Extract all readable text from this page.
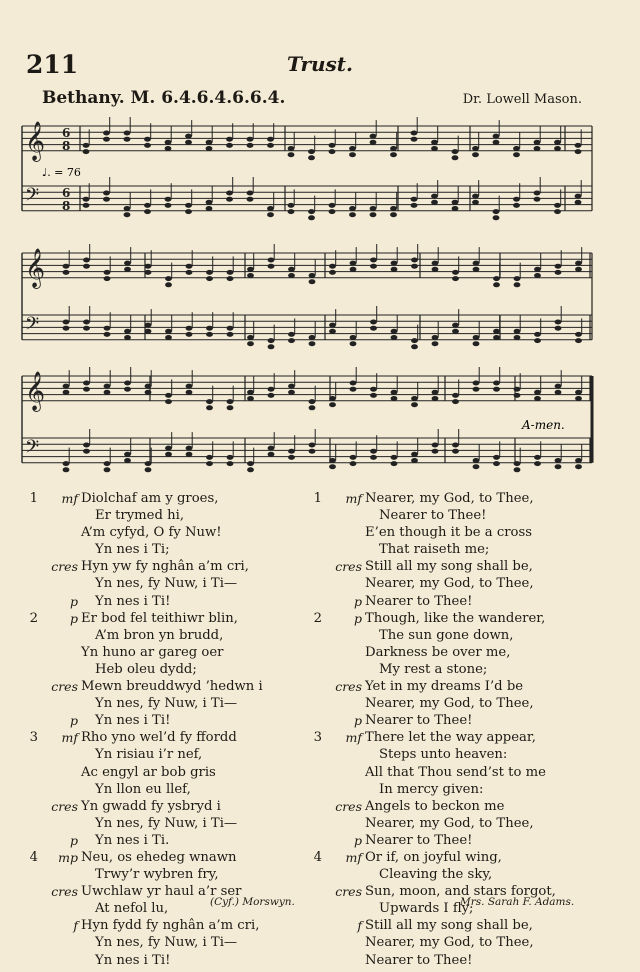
211	Trust.
Bethany. M. 6.4.6.4.6.6.4.	Dr. Lowell Mason.
𝄞
𝄢
6
8
6
8
𝄞
𝄢
𝄞
𝄢
♩. = 76
A-men.
1	mf Diolchaf am y groes,
Er trymed hi,
A’m cyfyd, O fy Nuw!
Yn nes i Ti;
cres Hyn yw fy nghân a’m cri,
Yn nes, fy Nuw, i Ti—
p Yn nes i Ti!
2	p Er bod fel teithiwr blin,
A’m bron yn brudd,
Yn huno ar gareg oer
Heb oleu dydd;
cres Mewn breuddwyd ’hedwn i
Yn nes, fy Nuw, i Ti—
p Yn nes i Ti!
3	mf Rho yno wel’d fy ffordd
Yn risiau i’r nef,
Ac engyl ar bob gris
Yn llon eu llef,
cres Yn gwadd fy ysbryd i
Yn nes, fy Nuw, i Ti—
p Yn nes i Ti.
4	mp Neu, os ehedeg wnawn
Trwy’r wybren fry,
cres Uwchlaw yr haul a’r ser
At nefol lu,
f Hyn fydd fy nghân a’m cri,
Yn nes, fy Nuw, i Ti—
Yn nes i Ti!
1	mf Nearer, my God, to Thee,
Nearer to Thee!
E’en though it be a cross
That raiseth me;
cres Still all my song shall be,
Nearer, my God, to Thee,
p Nearer to Thee!
2	p Though, like the wanderer,
The sun gone down,
Darkness be over me,
My rest a stone;
cres Yet in my dreams I’d be
Nearer, my God, to Thee,
p Nearer to Thee!
3	mf There let the way appear,
Steps unto heaven:
All that Thou send’st to me
In mercy given:
cres Angels to beckon me
Nearer, my God, to Thee,
p Nearer to Thee!
4	mf Or if, on joyful wing,
Cleaving the sky,
cres Sun, moon, and stars forgot,
Upwards I fly;
f Still all my song shall be,
Nearer, my God, to Thee,
Nearer to Thee!
(Cyf.) Morswyn.	Mrs. Sarah F. Adams.
